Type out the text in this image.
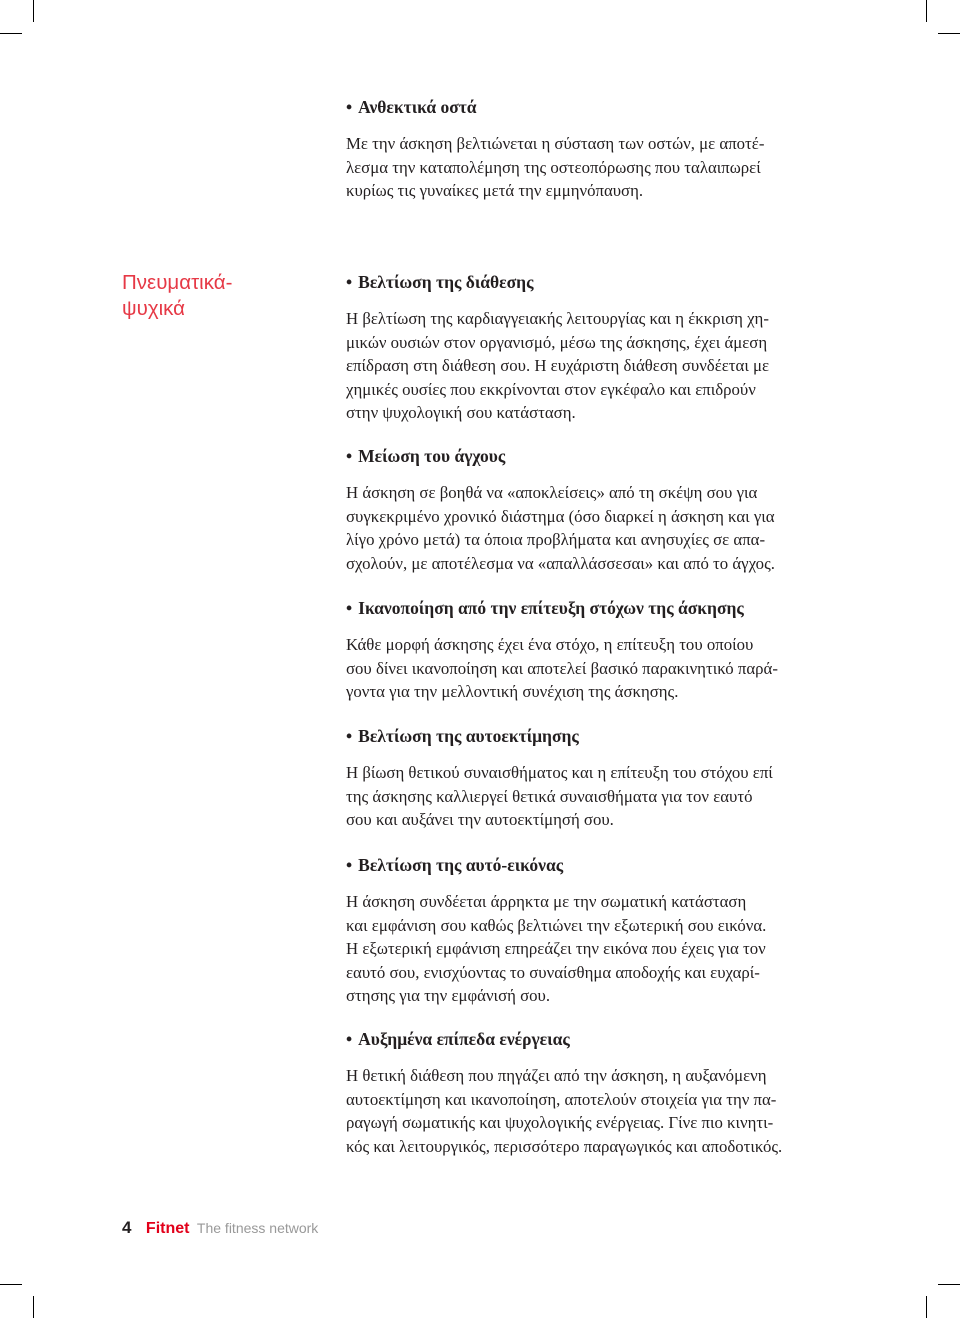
Πνευματικά-
ψυχικά
• Ανθεκτικά οστά
Με την άσκηση βελτιώνεται η σύσταση των οστών, με αποτέ-
λεσμα την καταπολέμηση της οστεοπόρωσης που ταλαιπωρεί
κυρίως τις γυναίκες μετά την εμμηνόπαυση.
• Βελτίωση της διάθεσης
Η βελτίωση της καρδιαγγειακής λειτουργίας και η έκκριση χη-
μικών ουσιών στον οργανισμό, μέσω της άσκησης, έχει άμεση
επίδραση στη διάθεση σου. Η ευχάριστη διάθεση συνδέεται με
χημικές ουσίες που εκκρίνονται στον εγκέφαλο και επιδρούν
στην ψυχολογική σου κατάσταση.
• Μείωση του άγχους
Η άσκηση σε βοηθά να «αποκλείσεις» από τη σκέψη σου για
συγκεκριμένο χρονικό διάστημα (όσο διαρκεί η άσκηση και για
λίγο χρόνο μετά) τα όποια προβλήματα και ανησυχίες σε απα-
σχολούν, με αποτέλεσμα να «απαλλάσσεσαι» και από το άγχος.
• Ικανοποίηση από την επίτευξη στόχων της άσκησης
Κάθε μορφή άσκησης έχει ένα στόχο, η επίτευξη του οποίου
σου δίνει ικανοποίηση και αποτελεί βασικό παρακινητικό παρά-
γοντα για την μελλοντική συνέχιση της άσκησης.
• Βελτίωση της αυτοεκτίμησης
Η βίωση θετικού συναισθήματος και η επίτευξη του στόχου επί
της άσκησης καλλιεργεί θετικά συναισθήματα για τον εαυτό
σου και αυξάνει την αυτοεκτίμησή σου.
• Βελτίωση της αυτό-εικόνας
Η άσκηση συνδέεται άρρηκτα με την σωματική κατάσταση
και εμφάνιση σου καθώς βελτιώνει την εξωτερική σου εικόνα.
Η εξωτερική εμφάνιση επηρεάζει την εικόνα που έχεις για τον
εαυτό σου, ενισχύοντας το συναίσθημα αποδοχής και ευχαρί-
στησης για την εμφάνισή σου.
• Αυξημένα επίπεδα ενέργειας
Η θετική διάθεση που πηγάζει από την άσκηση, η αυξανόμενη
αυτοεκτίμηση και ικανοποίηση, αποτελούν στοιχεία για την πα-
ραγωγή σωματικής και ψυχολογικής ενέργειας. Γίνε πιο κινητι-
κός και λειτουργικός, περισσότερο παραγωγικός και αποδοτικός.
4 Fitnet The fitness network
